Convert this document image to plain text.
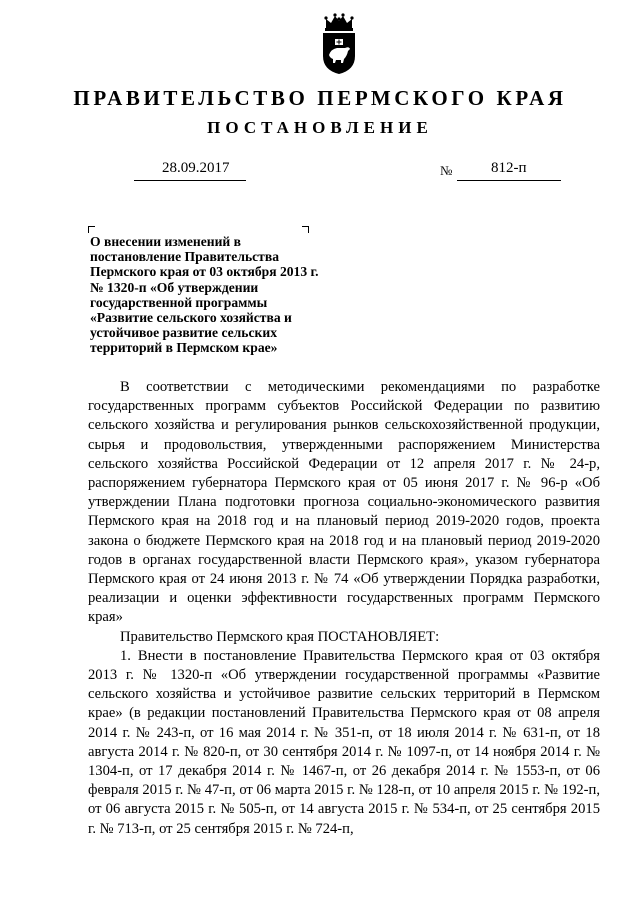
ПРАВИТЕЛЬСТВО ПЕРМСКОГО КРАЯ
ПОСТАНОВЛЕНИЕ
28.09.2017	№	812-п

О внесении изменений в постановление Правительства Пермского края от 03 октября 2013 г. № 1320-п «Об утверждении государственной программы «Развитие сельского хозяйства и устойчивое развитие сельских территорий в Пермском крае»

В соответствии с методическими рекомендациями по разработке государственных программ субъектов Российской Федерации по развитию сельского хозяйства и регулирования рынков сельскохозяйственной продукции, сырья и продовольствия, утвержденными распоряжением Министерства сельского хозяйства Российской Федерации от 12 апреля 2017 г. № 24-р, распоряжением губернатора Пермского края от 05 июня 2017 г. № 96-р «Об утверждении Плана подготовки прогноза социально-экономического развития Пермского края на 2018 год и на плановый период 2019-2020 годов, проекта закона о бюджете Пермского края на 2018 год и на плановый период 2019-2020 годов в органах государственной власти Пермского края», указом губернатора Пермского края от 24 июня 2013 г. № 74 «Об утверждении Порядка разработки, реализации и оценки эффективности государственных программ Пермского края»

Правительство Пермского края ПОСТАНОВЛЯЕТ:

1. Внести в постановление Правительства Пермского края от 03 октября 2013 г. № 1320-п «Об утверждении государственной программы «Развитие сельского хозяйства и устойчивое развитие сельских территорий в Пермском крае» (в редакции постановлений Правительства Пермского края от 08 апреля 2014 г. № 243-п, от 16 мая 2014 г. № 351-п, от 18 июля 2014 г. № 631-п, от 18 августа 2014 г. № 820-п, от 30 сентября 2014 г. № 1097-п, от 14 ноября 2014 г. № 1304-п, от 17 декабря 2014 г. № 1467-п, от 26 декабря 2014 г. № 1553-п, от 06 февраля 2015 г. № 47-п, от 06 марта 2015 г. № 128-п, от 10 апреля 2015 г. № 192-п, от 06 августа 2015 г. № 505-п, от 14 августа 2015 г. № 534-п, от 25 сентября 2015 г. № 713-п, от 25 сентября 2015 г. № 724-п,
